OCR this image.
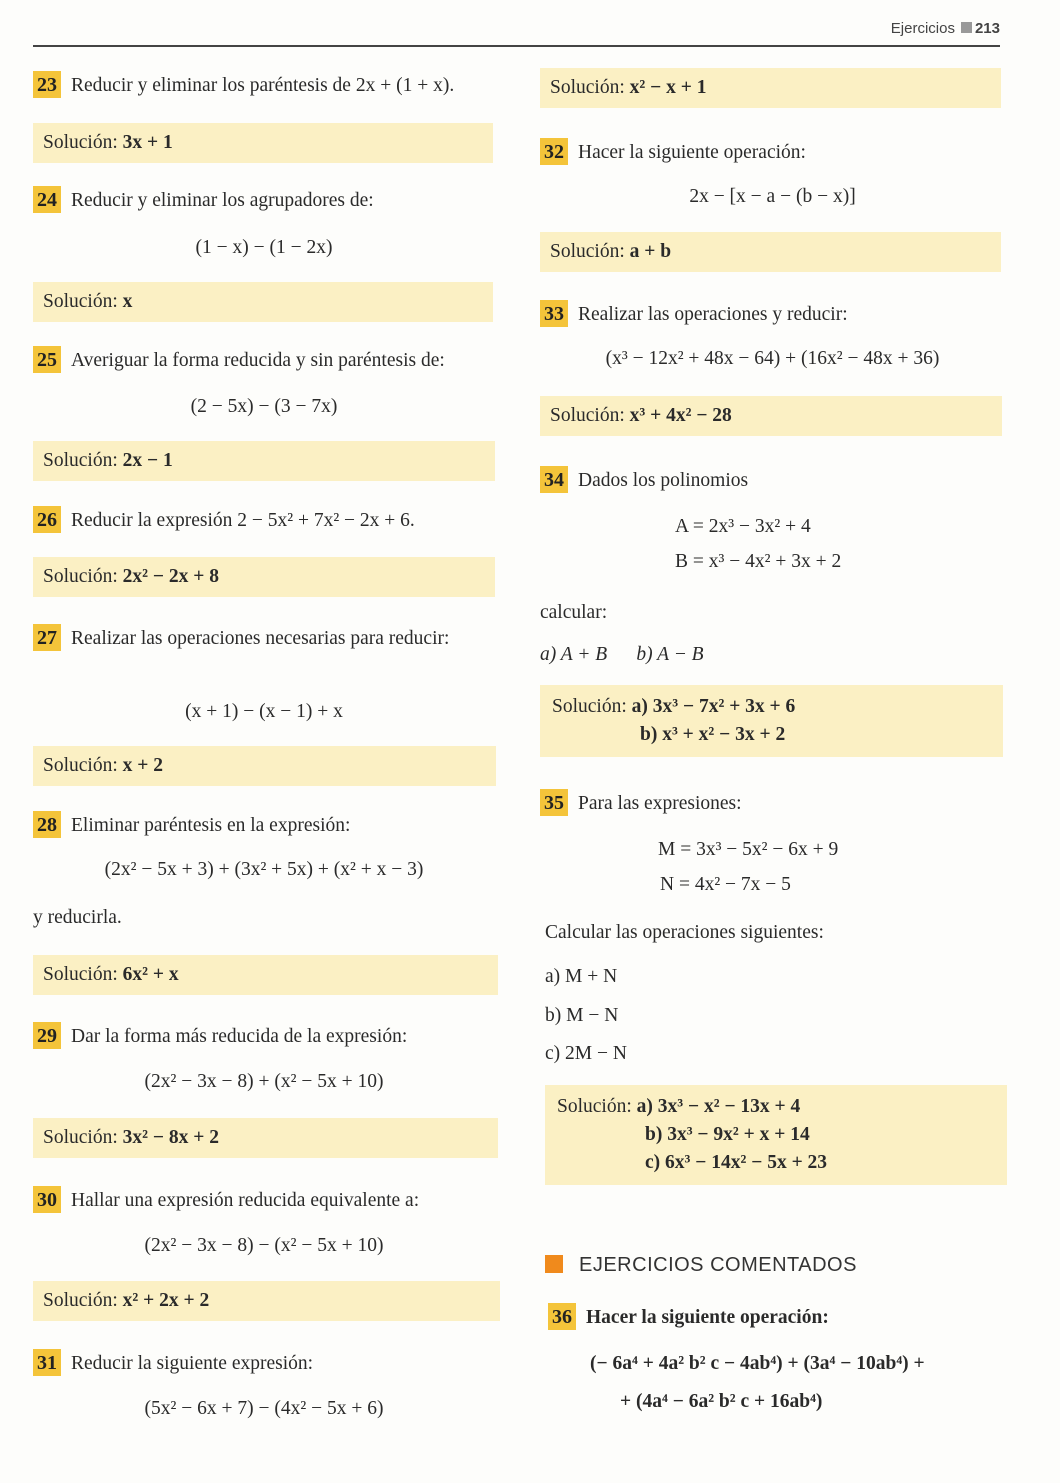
Ejercicios 213
23 Reducir y eliminar los paréntesis de 2x + (1 + x).
Solución: 3x + 1
24 Reducir y eliminar los agrupadores de:
(1 − x) − (1 − 2x)
Solución: x
25 Averiguar la forma reducida y sin paréntesis de:
(2 − 5x) − (3 − 7x)
Solución: 2x − 1
26 Reducir la expresión 2 − 5x² + 7x² − 2x + 6.
Solución: 2x² − 2x + 8
27 Realizar las operaciones necesarias para reducir:
(x + 1) − (x − 1) + x
Solución: x + 2
28 Eliminar paréntesis en la expresión:
(2x² − 5x + 3) + (3x² + 5x) + (x² + x − 3)
y reducirla.
Solución: 6x² + x
29 Dar la forma más reducida de la expresión:
(2x² − 3x − 8) + (x² − 5x + 10)
Solución: 3x² − 8x + 2
30 Hallar una expresión reducida equivalente a:
(2x² − 3x − 8) − (x² − 5x + 10)
Solución: x² + 2x + 2
31 Reducir la siguiente expresión:
(5x² − 6x + 7) − (4x² − 5x + 6)
Solución: x² − x + 1
32 Hacer la siguiente operación:
2x − [x − a − (b − x)]
Solución: a + b
33 Realizar las operaciones y reducir:
(x³ − 12x² + 48x − 64) + (16x² − 48x + 36)
Solución: x³ + 4x² − 28
34 Dados los polinomios
A = 2x³ − 3x² + 4
B = x³ − 4x² + 3x + 2
calcular:
a) A + B      b) A − B
Solución: a) 3x³ − 7x² + 3x + 6
b) x³ + x² − 3x + 2
35 Para las expresiones:
M = 3x³ − 5x² − 6x + 9
N = 4x² − 7x − 5
Calcular las operaciones siguientes:
a) M + N
b) M − N
c) 2M − N
Solución: a) 3x³ − x² − 13x + 4
b) 3x³ − 9x² + x + 14
c) 6x³ − 14x² − 5x + 23
36 Hacer la siguiente operación:
(− 6a⁴ + 4a² b² c − 4ab⁴) + (3a⁴ − 10ab⁴) +
+ (4a⁴ − 6a² b² c + 16ab⁴)
EJERCICIOS COMENTADOS
